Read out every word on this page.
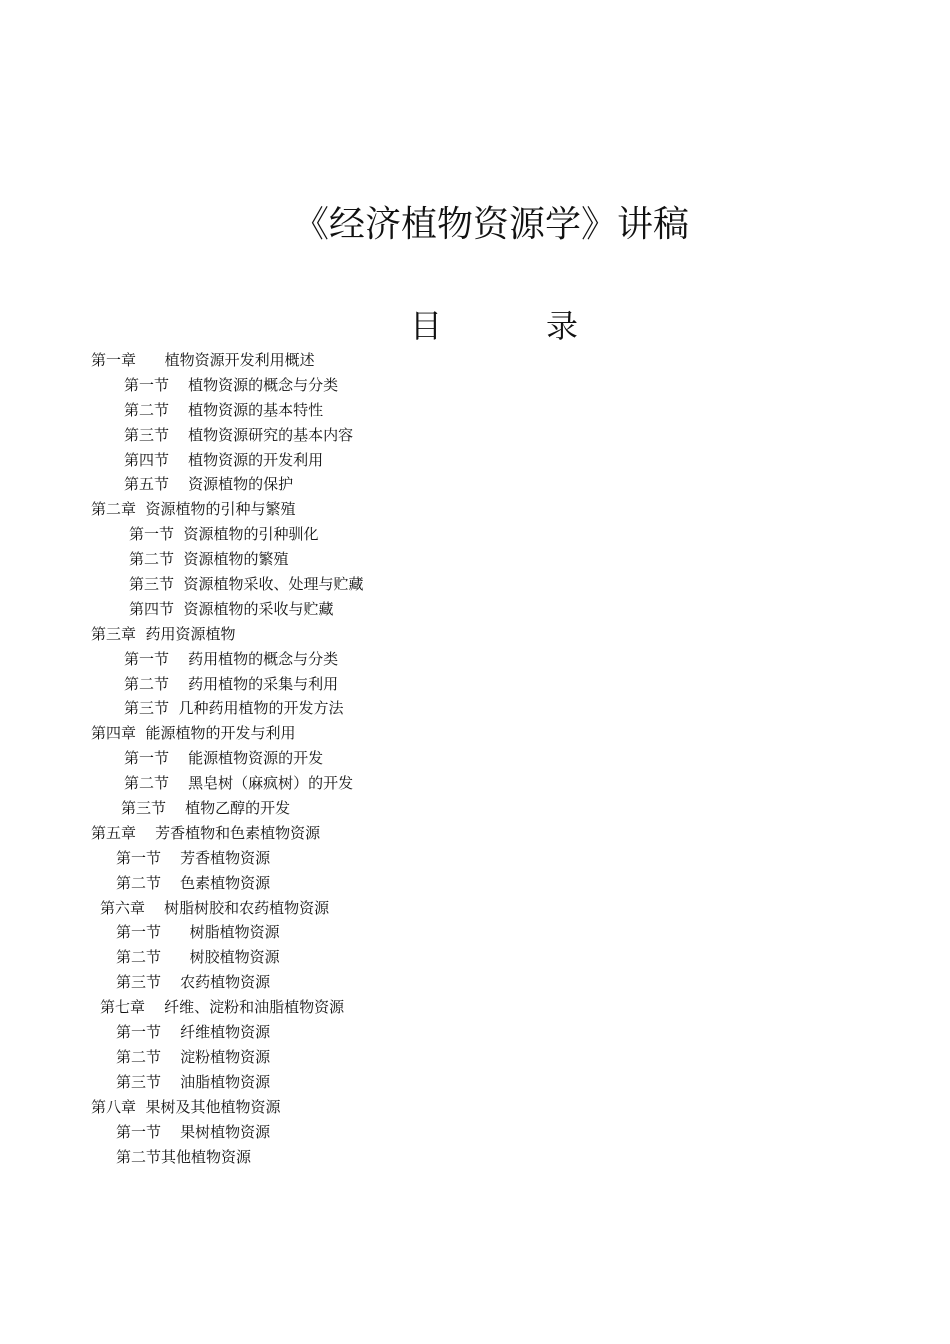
《经济植物资源学》讲稿
目	录
第一章      植物资源开发利用概述
第一节    植物资源的概念与分类
第二节    植物资源的基本特性
第三节    植物资源研究的基本内容
第四节    植物资源的开发利用
第五节    资源植物的保护
第二章  资源植物的引种与繁殖
第一节  资源植物的引种驯化
第二节  资源植物的繁殖
第三节  资源植物采收、处理与贮藏
第四节  资源植物的采收与贮藏
第三章  药用资源植物
第一节    药用植物的概念与分类
第二节    药用植物的采集与利用
第三节  几种药用植物的开发方法
第四章  能源植物的开发与利用
第一节    能源植物资源的开发
第二节    黑皂树（麻疯树）的开发
第三节    植物乙醇的开发
第五章    芳香植物和色素植物资源
第一节    芳香植物资源
第二节    色素植物资源
第六章    树脂树胶和农药植物资源
第一节      树脂植物资源
第二节      树胶植物资源
第三节    农药植物资源
第七章    纤维、淀粉和油脂植物资源
第一节    纤维植物资源
第二节    淀粉植物资源
第三节    油脂植物资源
第八章  果树及其他植物资源
第一节    果树植物资源
第二节其他植物资源
